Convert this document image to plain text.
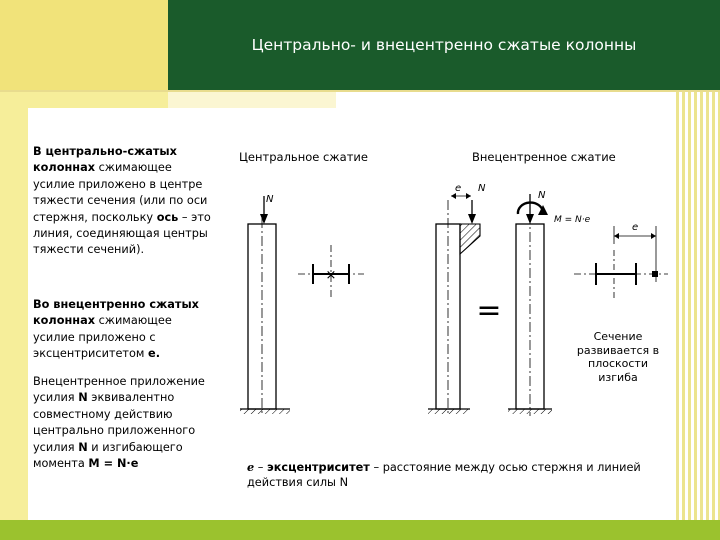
Центрально- и внецентренно сжатые колонны
В центрально-сжатых колоннах сжимающее усилие приложено в центре тяжести сечения (или по оси стержня, поскольку ось – это линия, соединяющая центры тяжести сечений).
Во внецентренно сжатых колоннах сжимающее усилие приложено с эксцентриситетом е.
Внецентренное приложение усилия N эквивалентно совместному действию центрально приложенного усилия N и изгибающего момента M = N·e
Центральное сжатие	Внецентренное сжатие
N
×
e N
=
N
M = N·e
e
Сечение развивается в плоскости изгиба
е – эксцентриситет – расстояние между осью стержня и линией действия силы N
